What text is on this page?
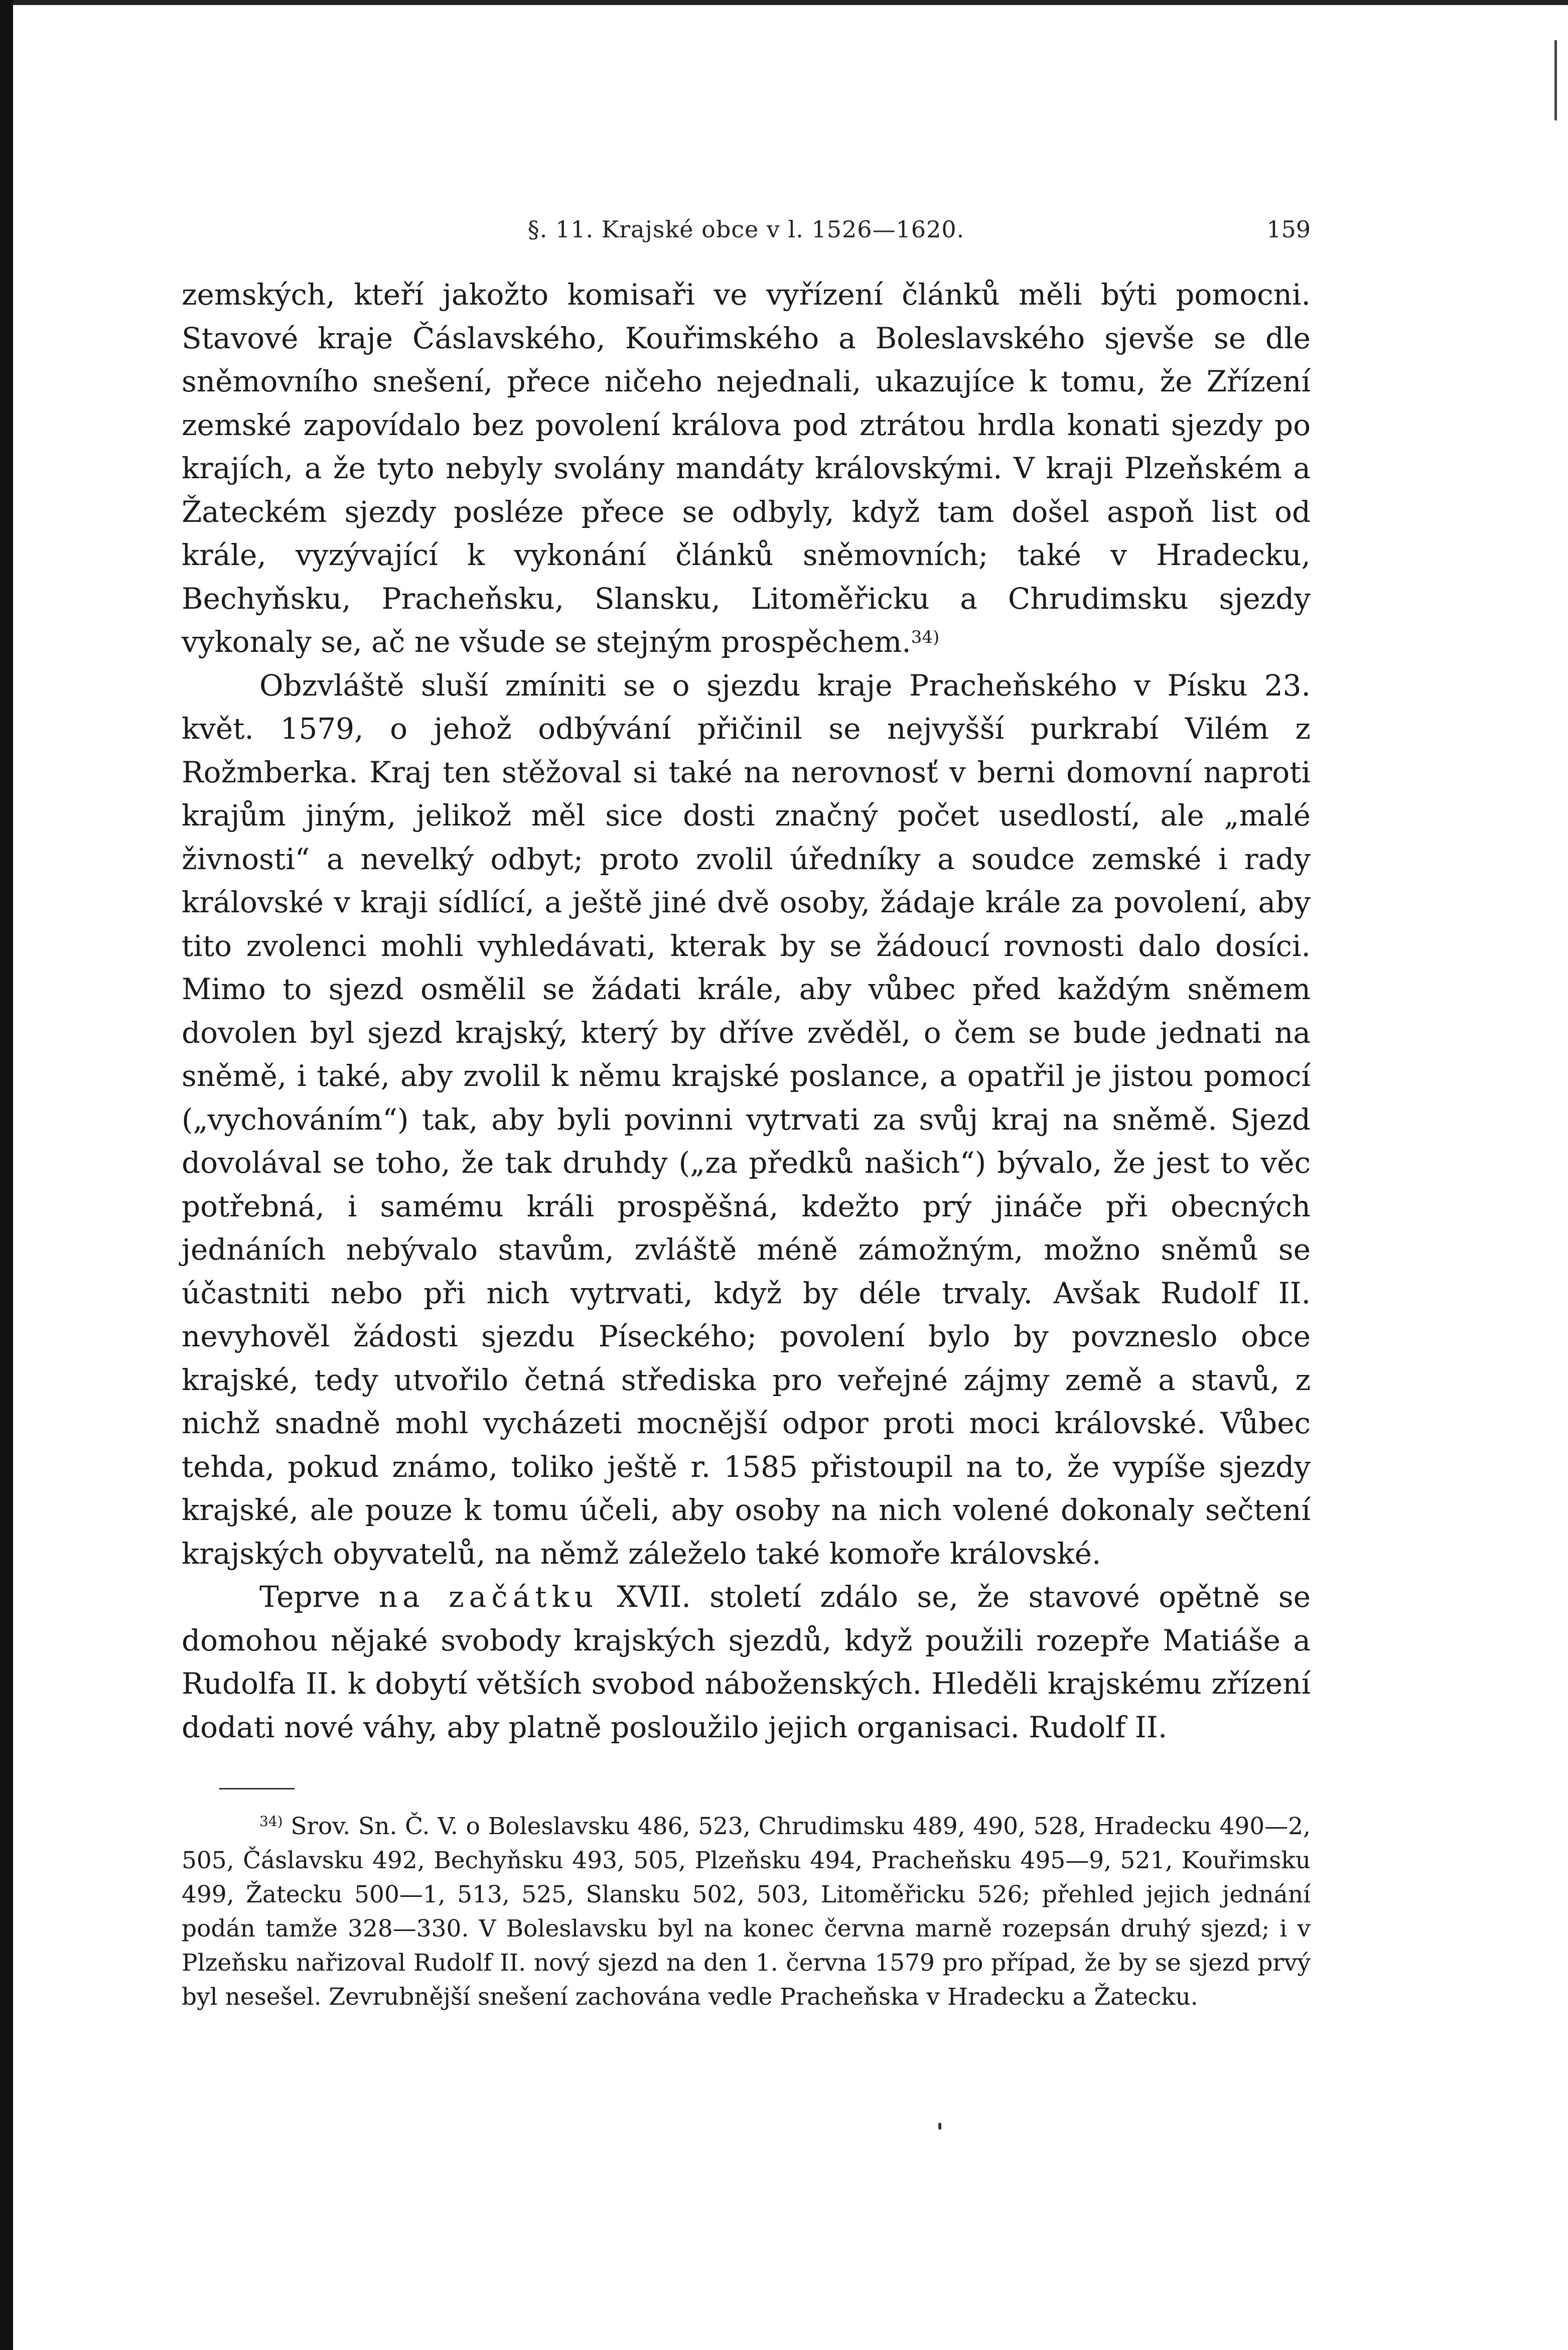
§. 11. Krajské obce v l. 1526—1620.	159

zemských, kteří jakožto komisaři ve vyřízení článků měli býti pomocni. Stavové kraje Čáslavského, Kouřimského a Boleslavského sjevše se dle sněmovního snešení, přece ničeho nejednali, ukazujíce k tomu, že Zřízení zemské zapovídalo bez povolení králova pod ztrátou hrdla konati sjezdy po krajích, a že tyto nebyly svolány mandáty královskými. V kraji Plzeňském a Žateckém sjezdy posléze přece se odbyly, když tam došel aspoň list od krále, vyzývající k vykonání článků sněmovních; také v Hradecku, Bechyňsku, Pracheňsku, Slansku, Litoměřicku a Chrudimsku sjezdy vykonaly se, ač ne všude se stejným prospěchem.$^{34)}$

Obzvláště sluší zmíniti se o sjezdu kraje Pracheňského v Písku 23. květ. 1579, o jehož odbývání přičinil se nejvyšší purkrabí Vilém z Rožmberka. Kraj ten stěžoval si také na nerovnosť v berni domovní naproti krajům jiným, jelikož měl sice dosti značný počet usedlostí, ale „malé živnosti“ a nevelký odbyt; proto zvolil úředníky a soudce zemské i rady královské v kraji sídlící, a ještě jiné dvě osoby, žádaje krále za povolení, aby tito zvolenci mohli vyhledávati, kterak by se žádoucí rovnosti dalo dosíci. Mimo to sjezd osmělil se žádati krále, aby vůbec před každým sněmem dovolen byl sjezd krajský, který by dříve zvěděl, o čem se bude jednati na sněmě, i také, aby zvolil k němu krajské poslance, a opatřil je jistou pomocí („vychováním“) tak, aby byli povinni vytrvati za svůj kraj na sněmě. Sjezd dovolával se toho, že tak druhdy („za předků našich“) bývalo, že jest to věc potřebná, i samému králi prospěšná, kdežto prý jináče při obecných jednáních nebývalo stavům, zvláště méně zámožným, možno sněmů se účastniti nebo při nich vytrvati, když by déle trvaly. Avšak Rudolf II. nevyhověl žádosti sjezdu Píseckého; povolení bylo by povzneslo obce krajské, tedy utvořilo četná střediska pro veřejné zájmy země a stavů, z nichž snadně mohl vycházeti mocnější odpor proti moci královské. Vůbec tehda, pokud známo, toliko ještě r. 1585 přistoupil na to, že vypíše sjezdy krajské, ale pouze k tomu účeli, aby osoby na nich volené dokonaly sečtení krajských obyvatelů, na němž záleželo také komoře královské.

Teprve na začátku XVII. století zdálo se, že stavové opětně se domohou nějaké svobody krajských sjezdů, když použili rozepře Matiáše a Rudolfa II. k dobytí větších svobod náboženských. Hleděli krajskému zřízení dodati nové váhy, aby platně posloužilo jejich organisaci. Rudolf II.

$^{34)}$ Srov. Sn. Č. V. o Boleslavsku 486, 523, Chrudimsku 489, 490, 528, Hradecku 490—2, 505, Čáslavsku 492, Bechyňsku 493, 505, Plzeňsku 494, Pracheňsku 495—9, 521, Kouřimsku 499, Žatecku 500—1, 513, 525, Slansku 502, 503, Litoměřicku 526; přehled jejich jednání podán tamže 328—330. V Boleslavsku byl na konec června marně rozepsán druhý sjezd; i v Plzeňsku nařizoval Rudolf II. nový sjezd na den 1. června 1579 pro případ, že by se sjezd prvý byl nesešel. Zevrubnější snešení zachována vedle Pracheňska v Hradecku a Žatecku.
